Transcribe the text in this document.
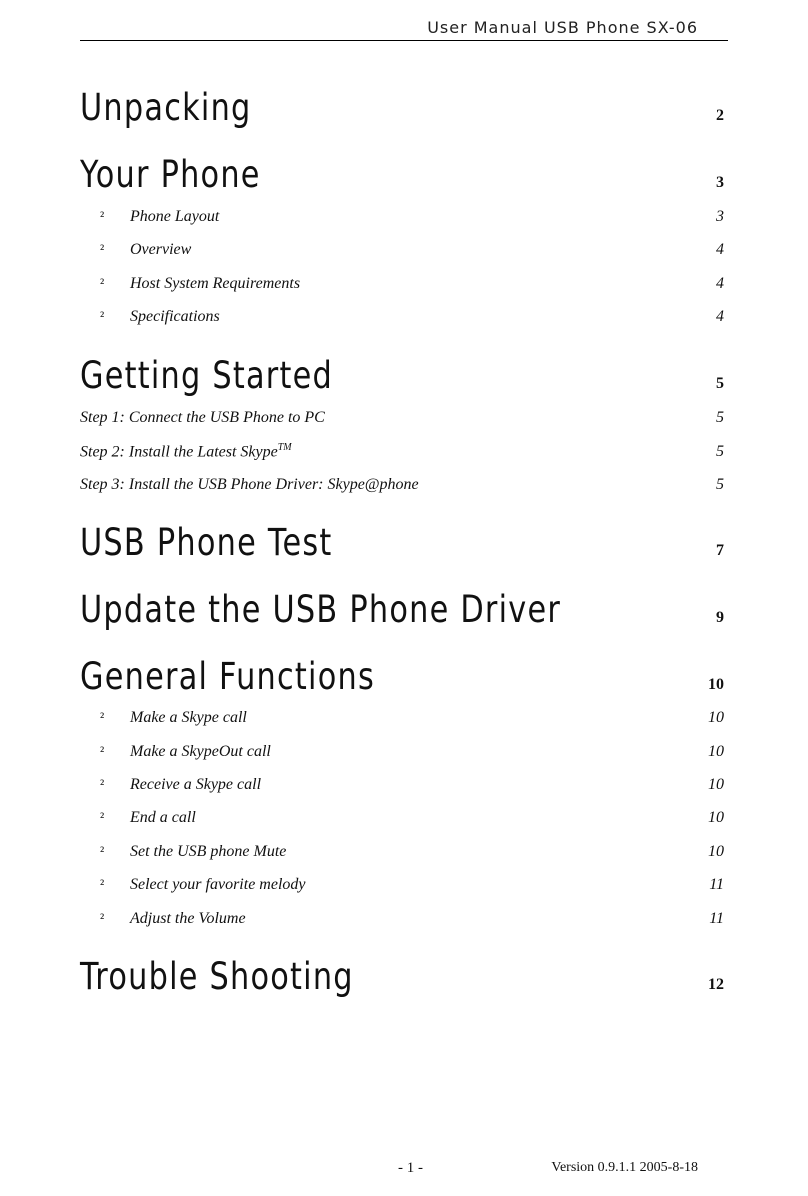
User Manual USB Phone SX-06
Unpacking	2
Your Phone	3
²	Phone Layout	3
²	Overview	4
²	Host System Requirements	4
²	Specifications	4
Getting Started	5
Step 1: Connect the USB Phone to PC	5
Step 2: Install the Latest Skype™	5
Step 3: Install the USB Phone Driver: Skype@phone	5
USB Phone Test	7
Update the USB Phone Driver	9
General Functions	10
²	Make a Skype call	10
²	Make a SkypeOut call	10
²	Receive a Skype call	10
²	End a call	10
²	Set the USB phone Mute	10
²	Select your favorite melody	11
²	Adjust the Volume	11
Trouble Shooting	12
- 1 -	Version 0.9.1.1 2005-8-18
